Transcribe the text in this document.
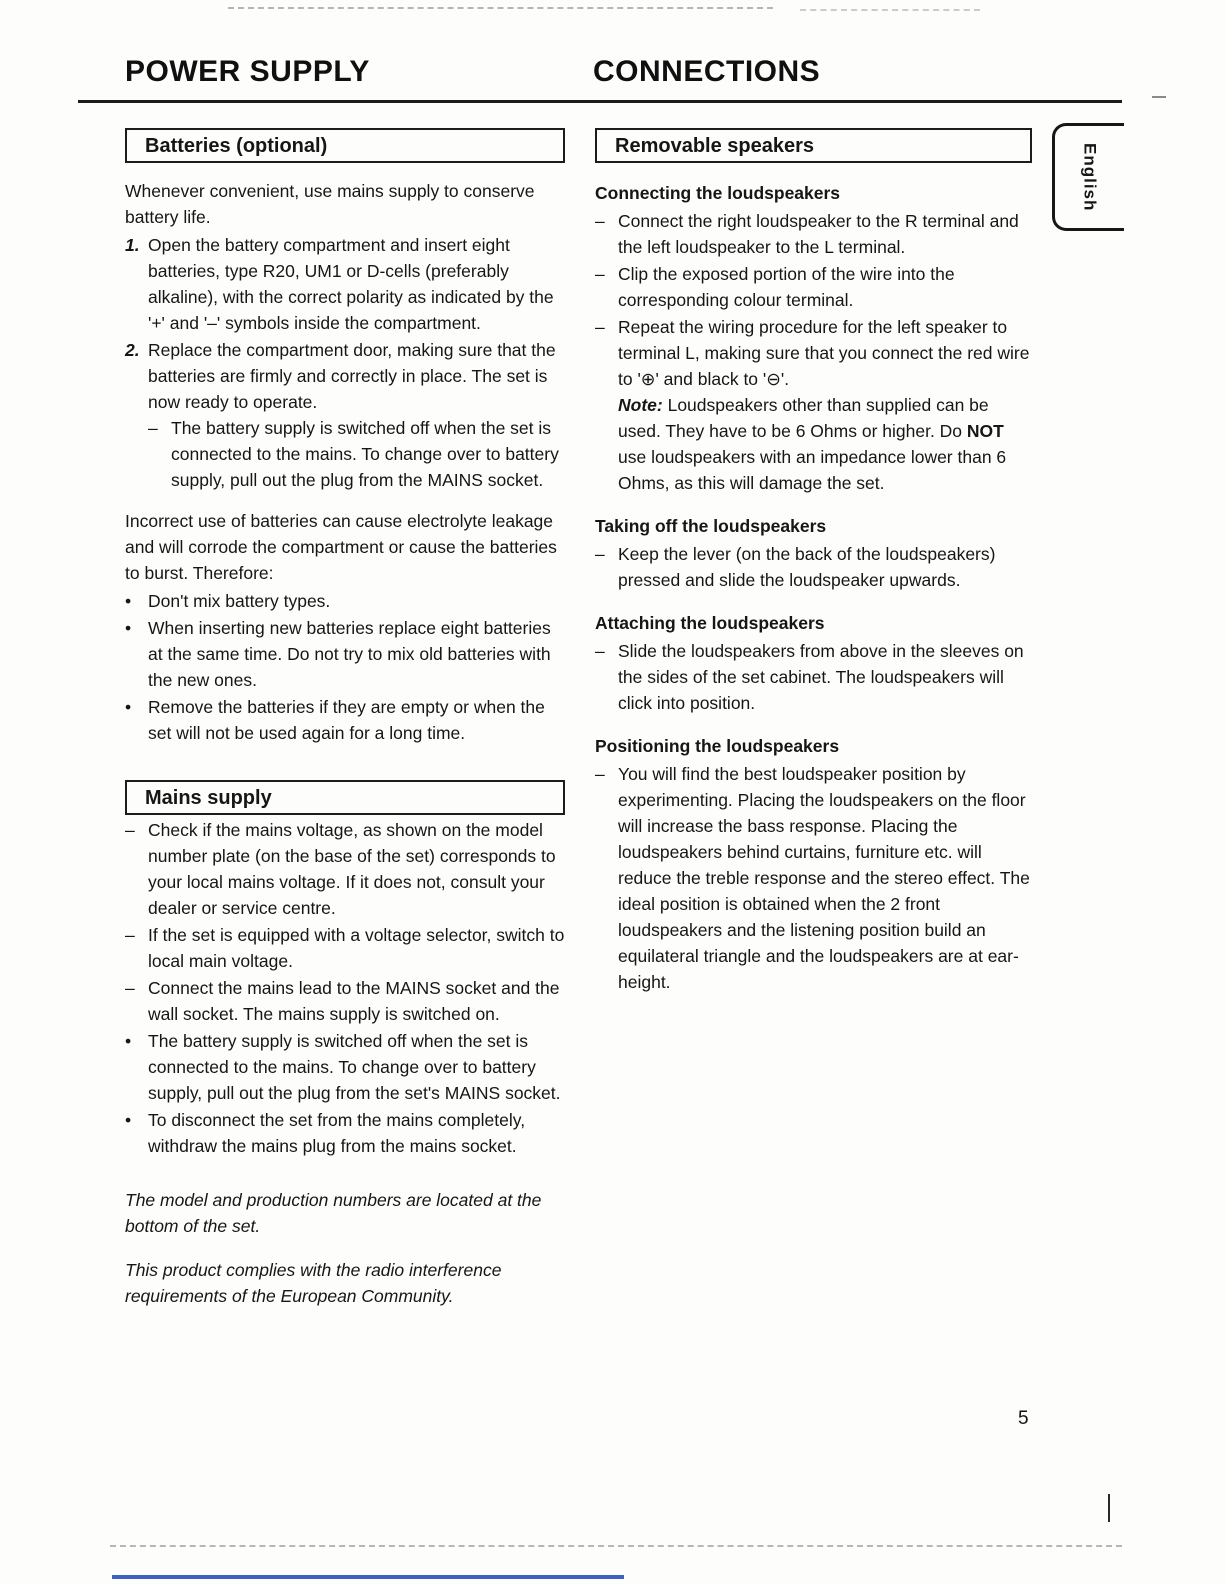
POWER SUPPLY	CONNECTIONS
English
Batteries (optional)

Whenever convenient, use mains supply to conserve battery life.

1. Open the battery compartment and insert eight batteries, type R20, UM1 or D-cells (preferably alkaline), with the correct polarity as indicated by the '+' and '–' symbols inside the compartment.
2. Replace the compartment door, making sure that the batteries are firmly and correctly in place. The set is now ready to operate.
– The battery supply is switched off when the set is connected to the mains. To change over to battery supply, pull out the plug from the MAINS socket.

Incorrect use of batteries can cause electrolyte leakage and will corrode the compartment or cause the batteries to burst. Therefore:

• Don't mix battery types.
• When inserting new batteries replace eight batteries at the same time. Do not try to mix old batteries with the new ones.
• Remove the batteries if they are empty or when the set will not be used again for a long time.
Mains supply
– Check if the mains voltage, as shown on the model number plate (on the base of the set) corresponds to your local mains voltage. If it does not, consult your dealer or service centre.
– If the set is equipped with a voltage selector, switch to local main voltage.
– Connect the mains lead to the MAINS socket and the wall socket. The mains supply is switched on.
• The battery supply is switched off when the set is connected to the mains. To change over to battery supply, pull out the plug from the set's MAINS socket.
• To disconnect the set from the mains completely, withdraw the mains plug from the mains socket.

The model and production numbers are located at the bottom of the set.

This product complies with the radio interference requirements of the European Community.

Removable speakers
Connecting the loudspeakers
– Connect the right loudspeaker to the R terminal and the left loudspeaker to the L terminal.
– Clip the exposed portion of the wire into the corresponding colour terminal.
– Repeat the wiring procedure for the left speaker to terminal L, making sure that you connect the red wire to '⊕' and black to '⊖'.
Note: Loudspeakers other than supplied can be used. They have to be 6 Ohms or higher. Do NOT use loudspeakers with an impedance lower than 6 Ohms, as this will damage the set.
Taking off the loudspeakers
– Keep the lever (on the back of the loudspeakers) pressed and slide the loudspeaker upwards.
Attaching the loudspeakers
– Slide the loudspeakers from above in the sleeves on the sides of the set cabinet. The loudspeakers will click into position.
Positioning the loudspeakers
– You will find the best loudspeaker position by experimenting. Placing the loudspeakers on the floor will increase the bass response. Placing the loudspeakers behind curtains, furniture etc. will reduce the treble response and the stereo effect. The ideal position is obtained when the 2 front loudspeakers and the listening position build an equilateral triangle and the loudspeakers are at ear-height.
5
